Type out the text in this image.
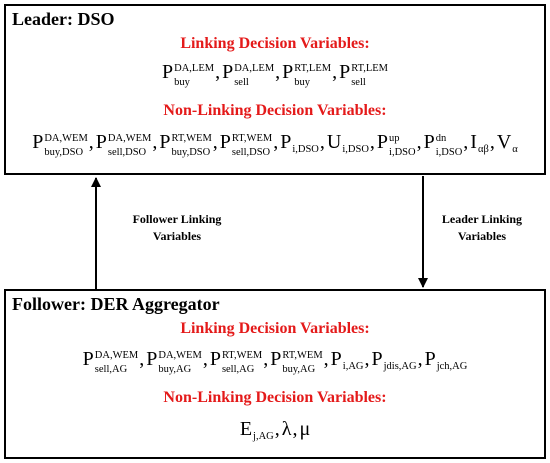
Leader: DSO
Linking Decision Variables:
P DA,LEM
buy	, P DA,LEM
sell	, P RT,LEM
buy	, P RT,LEM
sell
Non-Linking Decision Variables:
P DA,WEM
buy,DSO , P DA,WEM
sell,DSO , P RT,WEM
buy,DSO , P RT,WEM
sell,DSO , $P_{i,DSO}$, $U_{i,DSO}$, P up
i,DSO , P dn
i,DSO , $I_{\alpha\beta}$, $V_\alpha$
Follower Linking
Variables
Leader Linking
Variables
Follower: DER Aggregator
Linking Decision Variables:
P DA,WEM
sell,AG , P DA,WEM
buy,AG , P RT,WEM
sell,AG , P RT,WEM
buy,AG , $P_{i,AG}$, $P_{jdis,AG}$, $P_{jch,AG}$
Non-Linking Decision Variables:
$E_{j,AG}$, λ, μ
